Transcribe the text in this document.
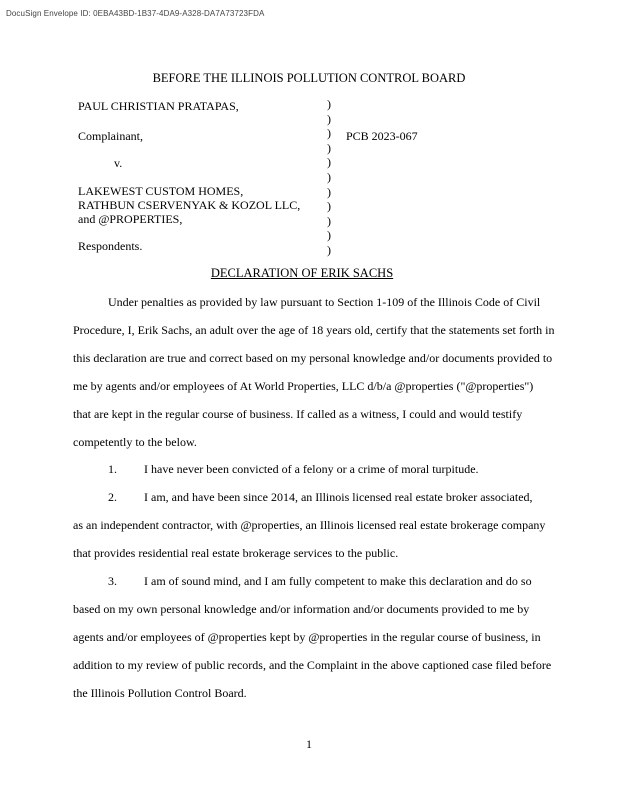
DocuSign Envelope ID: 0EBA43BD-1B37-4DA9-A328-DA7A73723FDA
BEFORE THE ILLINOIS POLLUTION CONTROL BOARD
PAUL CHRISTIAN PRATAPAS,
Complainant,
v.
LAKEWEST CUSTOM HOMES,
RATHBUN CSERVENYAK & KOZOL LLC,
and @PROPERTIES,
Respondents.
)
)
)
)
)
)
)
)
)
)
)
PCB 2023-067
DECLARATION OF ERIK SACHS
Under penalties as provided by law pursuant to Section 1-109 of the Illinois Code of Civil
Procedure, I, Erik Sachs, an adult over the age of 18 years old, certify that the statements set forth in
this declaration are true and correct based on my personal knowledge and/or documents provided to
me by agents and/or employees of At World Properties, LLC d/b/a @properties ("@properties")
that are kept in the regular course of business. If called as a witness, I could and would testify
competently to the below.
1. I have never been convicted of a felony or a crime of moral turpitude.
2. I am, and have been since 2014, an Illinois licensed real estate broker associated,
as an independent contractor, with @properties, an Illinois licensed real estate brokerage company
that provides residential real estate brokerage services to the public.
3. I am of sound mind, and I am fully competent to make this declaration and do so
based on my own personal knowledge and/or information and/or documents provided to me by
agents and/or employees of @properties kept by @properties in the regular course of business, in
addition to my review of public records, and the Complaint in the above captioned case filed before
the Illinois Pollution Control Board.
1
